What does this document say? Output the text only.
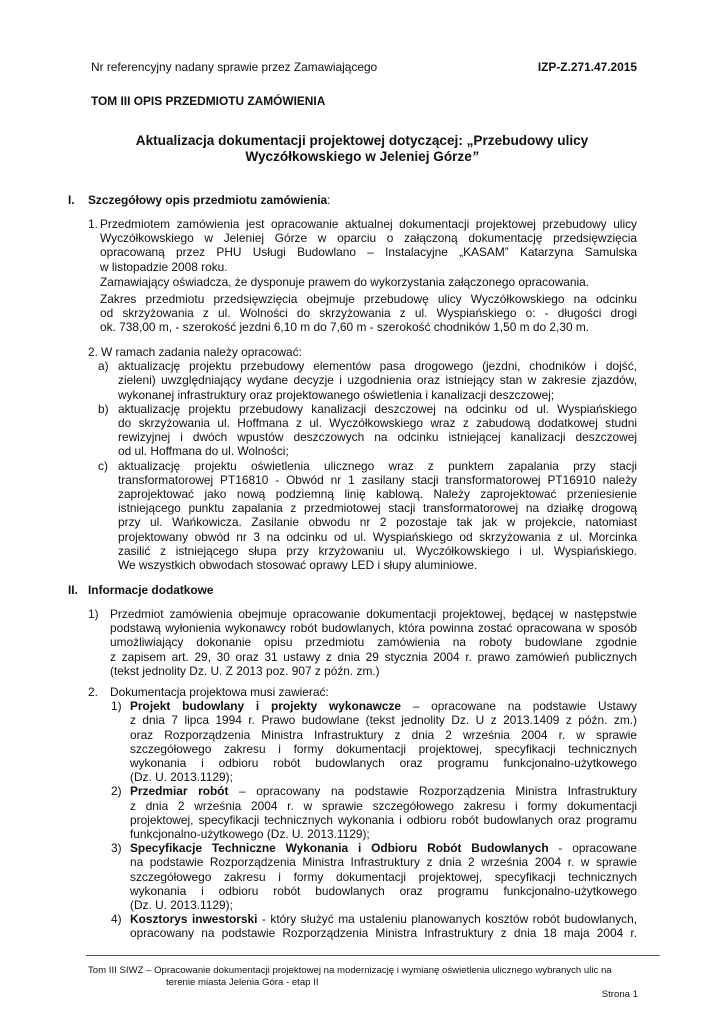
Nr referencyjny nadany sprawie przez Zamawiającego	IZP-Z.271.47.2015
TOM III OPIS PRZEDMIOTU ZAMÓWIENIA
Aktualizacja dokumentacji projektowej dotyczącej: „Przebudowy ulicy
Wyczółkowskiego w Jeleniej Górze”
I. Szczegółowy opis przedmiotu zamówienia:
1. Przedmiotem zamówienia jest opracowanie aktualnej dokumentacji projektowej przebudowy ulicy
Wyczółkowskiego w Jeleniej Górze w oparciu o załączoną dokumentację przedsięwzięcia
opracowaną przez PHU Usługi Budowlano – Instalacyjne „KASAM” Katarzyna Samulska
w listopadzie 2008 roku.
Zamawiający oświadcza, że dysponuje prawem do wykorzystania załączonego opracowania.
Zakres przedmiotu przedsięwzięcia obejmuje przebudowę ulicy Wyczółkowskiego na odcinku
od skrzyżowania z ul. Wolności do skrzyżowania z ul. Wyspiańskiego o: - długości drogi
ok. 738,00 m, - szerokość jezdni 6,10 m do 7,60 m - szerokość chodników 1,50 m do 2,30 m.
2. W ramach zadania należy opracować:
a) aktualizację projektu przebudowy elementów pasa drogowego (jezdni, chodników i dojść,
zieleni) uwzględniający wydane decyzje i uzgodnienia oraz istniejący stan w zakresie zjazdów,
wykonanej infrastruktury oraz projektowanego oświetlenia i kanalizacji deszczowej;
b) aktualizację projektu przebudowy kanalizacji deszczowej na odcinku od ul. Wyspiańskiego
do skrzyżowania ul. Hoffmana z ul. Wyczółkowskiego wraz z zabudową dodatkowej studni
rewizyjnej i dwóch wpustów deszczowych na odcinku istniejącej kanalizacji deszczowej
od ul. Hoffmana do ul. Wolności;
c) aktualizację projektu oświetlenia ulicznego wraz z punktem zapalania przy stacji
transformatorowej PT16810 - Obwód nr 1 zasilany stacji transformatorowej PT16910 należy
zaprojektować jako nową podziemną linię kablową. Należy zaprojektować przeniesienie
istniejącego punktu zapalania z przedmiotowej stacji transformatorowej na działkę drogową
przy ul. Wańkowicza. Zasilanie obwodu nr 2 pozostaje tak jak w projekcie, natomiast
projektowany obwód nr 3 na odcinku od ul. Wyspiańskiego od skrzyżowania z ul. Morcinka
zasilić z istniejącego słupa przy krzyżowaniu ul. Wyczółkowskiego i ul. Wyspiańskiego.
We wszystkich obwodach stosować oprawy LED i słupy aluminiowe.
II. Informacje dodatkowe
1) Przedmiot zamówienia obejmuje opracowanie dokumentacji projektowej, będącej w następstwie
podstawą wyłonienia wykonawcy robót budowlanych, która powinna zostać opracowana w sposób
umożliwiający dokonanie opisu przedmiotu zamówienia na roboty budowlane zgodnie
z zapisem art. 29, 30 oraz 31 ustawy z dnia 29 stycznia 2004 r. prawo zamówień publicznych
(tekst jednolity Dz. U. Z 2013 poz. 907 z późn. zm.)
2. Dokumentacja projektowa musi zawierać:
1) Projekt budowlany i projekty wykonawcze – opracowane na podstawie Ustawy
z dnia 7 lipca 1994 r. Prawo budowlane (tekst jednolity Dz. U z 2013.1409 z późn. zm.)
oraz Rozporządzenia Ministra Infrastruktury z dnia 2 września 2004 r. w sprawie
szczegółowego zakresu i formy dokumentacji projektowej, specyfikacji technicznych
wykonania i odbioru robót budowlanych oraz programu funkcjonalno-użytkowego
(Dz. U. 2013.1129);
2) Przedmiar robót – opracowany na podstawie Rozporządzenia Ministra Infrastruktury
z dnia 2 września 2004 r. w sprawie szczegółowego zakresu i formy dokumentacji
projektowej, specyfikacji technicznych wykonania i odbioru robót budowlanych oraz programu
funkcjonalno-użytkowego (Dz. U. 2013.1129);
3) Specyfikacje Techniczne Wykonania i Odbioru Robót Budowlanych - opracowane
na podstawie Rozporządzenia Ministra Infrastruktury z dnia 2 września 2004 r. w sprawie
szczegółowego zakresu i formy dokumentacji projektowej, specyfikacji technicznych
wykonania i odbioru robót budowlanych oraz programu funkcjonalno-użytkowego
(Dz. U. 2013.1129);
4) Kosztorys inwestorski - który służyć ma ustaleniu planowanych kosztów robót budowlanych,
opracowany na podstawie Rozporządzenia Ministra Infrastruktury z dnia 18 maja 2004 r.
Tom III SIWZ – Opracowanie dokumentacji projektowej na modernizację i wymianę oświetlenia ulicznego wybranych ulic na
terenie miasta Jelenia Góra - etap II
Strona 1
